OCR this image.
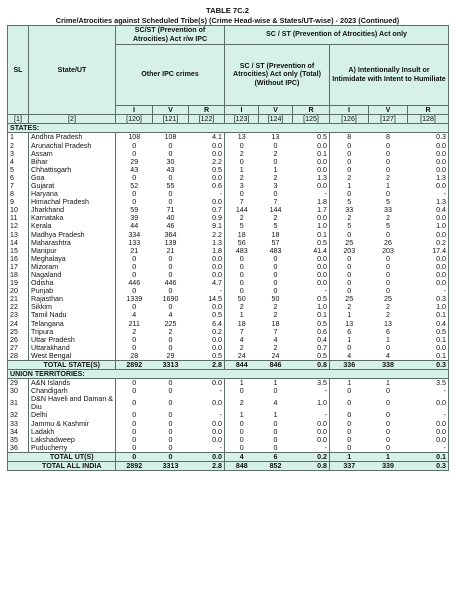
TABLE 7C.2
Crime/Atrocities against Scheduled Tribe(s) (Crime Head-wise & States/UT-wise) - 2023 (Continued)
SL	State/UT	SC/ST (Prevention of Atrocities) Act r/w IPC			SC / ST (Prevention of Atrocities) Act only					
		Other IPC crimes			SC / ST (Prevention of Atrocities) Act only (Total) (Without IPC)			A) Intentionally Insult or Intimidate with Intent to Humiliate		
		I	V	R	I	V	R	I	V	R
[1]	[2]	[120]	[121]	[122]	[123]	[124]	[125]	[126]	[127]	[128]
STATES:										
1	Andhra Pradesh	108	108	4.1	13	13	0.5	8	8	0.3
2	Arunachal Pradesh	0	0	0.0	0	0	0.0	0	0	0.0
3	Assam	0	0	0.0	2	2	0.1	0	0	0.0
4	Bihar	29	30	2.2	0	0	0.0	0	0	0.0
5	Chhattisgarh	43	43	0.5	1	1	0.0	0	0	0.0
6	Goa	0	0	0.0	2	2	1.3	2	2	1.3
7	Gujarat	52	55	0.6	3	3	0.0	1	1	0.0
8	Haryana	0	0	-	0	0	-	0	0	-
9	Himachal Pradesh	0	0	0.0	7	7	1.8	5	5	1.3
10	Jharkhand	59	71	0.7	144	144	1.7	33	33	0.4
11	Karnataka	39	40	0.9	2	2	0.0	2	2	0.0
12	Kerala	44	46	9.1	5	5	1.0	5	5	1.0
13	Madhya Pradesh	334	364	2.2	18	18	0.1	0	0	0.0
14	Maharashtra	133	139	1.3	56	57	0.5	25	26	0.2
15	Manipur	21	21	1.8	483	483	41.4	203	203	17.4
16	Meghalaya	0	0	0.0	0	0	0.0	0	0	0.0
17	Mizoram	0	0	0.0	0	0	0.0	0	0	0.0
18	Nagaland	0	0	0.0	0	0	0.0	0	0	0.0
19	Odisha	446	446	4.7	0	0	0.0	0	0	0.0
20	Punjab	0	0	-	0	0	-	0	0	-
21	Rajasthan	1339	1690	14.5	50	50	0.5	25	25	0.3
22	Sikkim	0	0	0.0	2	2	1.0	2	2	1.0
23	Tamil Nadu	4	4	0.5	1	2	0.1	1	2	0.1
24	Telangana	211	225	6.4	18	18	0.5	13	13	0.4
25	Tripura	2	2	0.2	7	7	0.6	6	6	0.5
26	Uttar Pradesh	0	0	0.0	4	4	0.4	1	1	0.1
27	Uttarakhand	0	0	0.0	2	2	0.7	0	0	0.0
28	West Bengal	28	29	0.5	24	24	0.5	4	4	0.1
	TOTAL STATE(S)	2892	3313	2.8	844	846	0.8	336	338	0.3
UNION TERRITORIES:										
29	A&N Islands	0	0	0.0	1	1	3.5	1	1	3.5
30	Chandigarh	0	0	-	0	0	-	0	0	-
31	D&N Haveli and Daman & Diu	0	0	0.0	2	4	1.0	0	0	0.0
32	Delhi	0	0	-	1	1	-	0	0	-
33	Jammu & Kashmir	0	0	0.0	0	0	0.0	0	0	0.0
34	Ladakh	0	0	0.0	0	0	0.0	0	0	0.0
35	Lakshadweep	0	0	0.0	0	0	0.0	0	0	0.0
36	Puducherry	0	0	-	0	0	-	0	0	-
	TOTAL UT(S)	0	0	0.0	4	6	0.2	1	1	0.1
	TOTAL ALL INDIA	2892	3313	2.8	848	852	0.8	337	339	0.3
